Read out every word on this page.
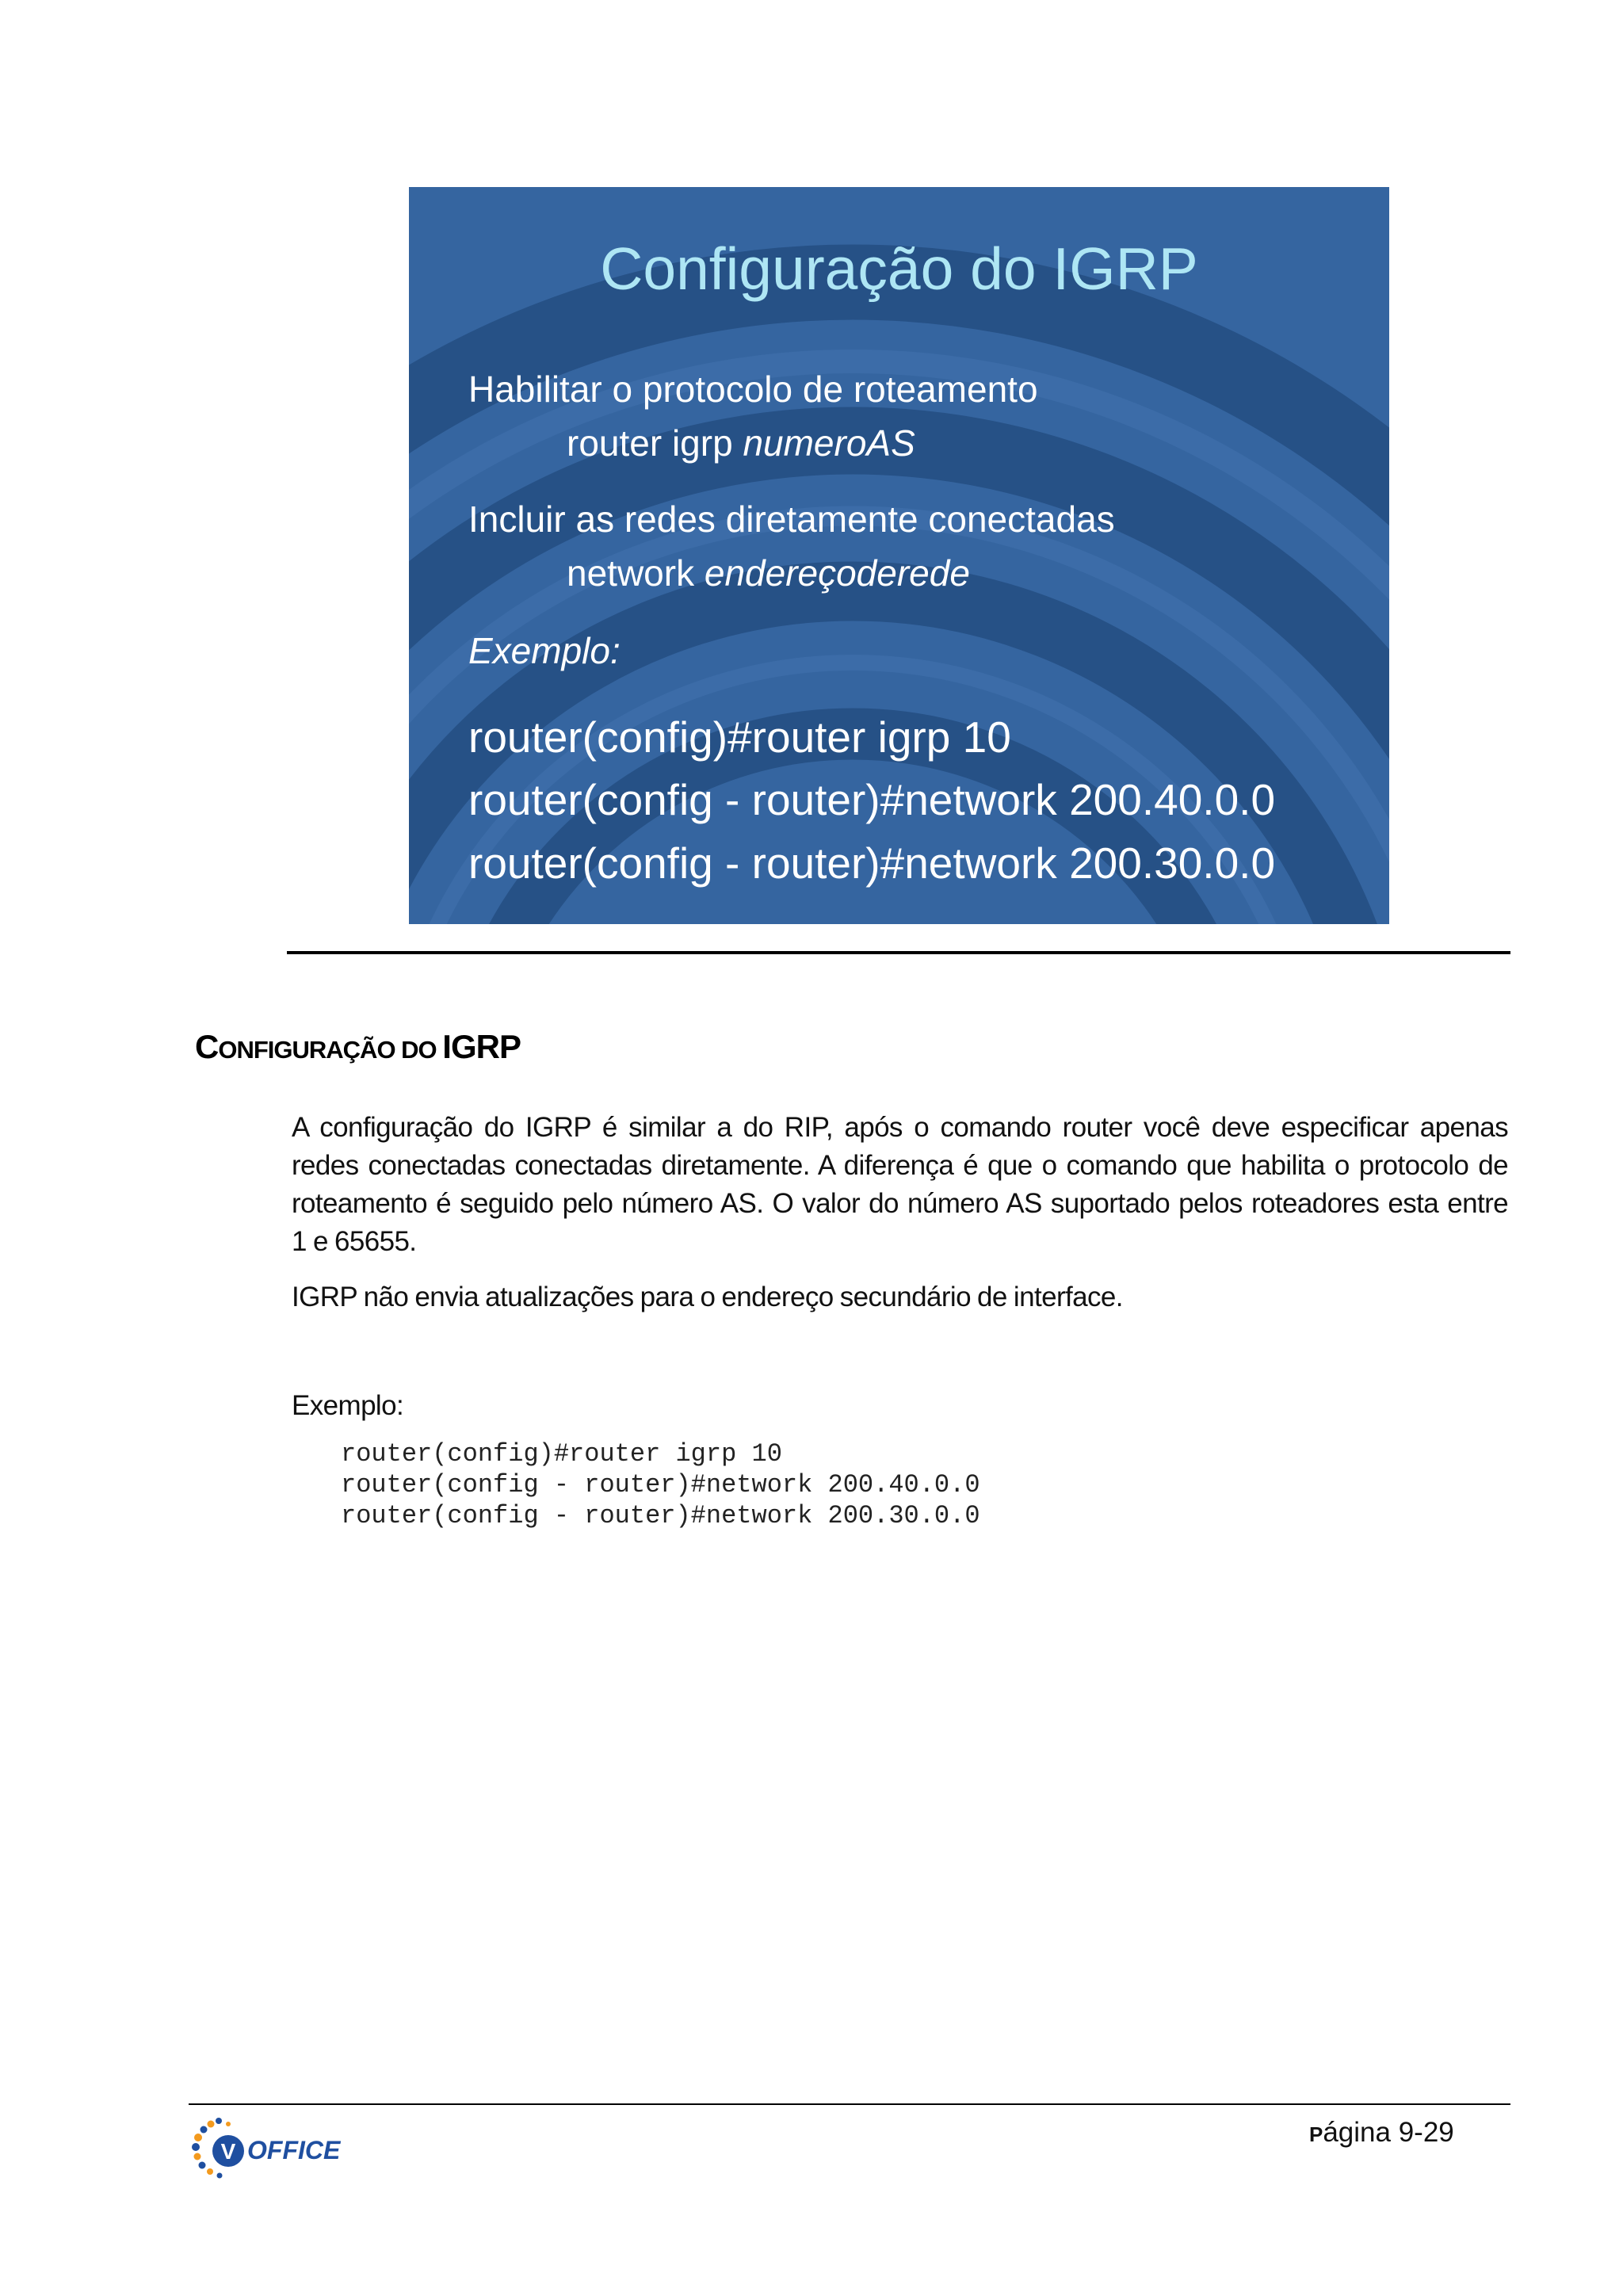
Configuração do IGRP
Habilitar o protocolo de roteamento
router igrp numeroAS
Incluir as redes diretamente conectadas
network endereçoderede
Exemplo:
router(config)#router igrp 10
router(config - router)#network 200.40.0.0
router(config - router)#network 200.30.0.0
CONFIGURAÇÃO DO IGRP
A configuração do IGRP é similar a do RIP, após o comando router você deve especificar apenas
redes conectadas conectadas diretamente. A diferença é que o comando que habilita o protocolo de
roteamento é seguido pelo número AS. O valor do número AS suportado pelos roteadores esta entre
1 e 65655.
IGRP não envia atualizações para o endereço secundário de interface.
Exemplo:
router(config)#router igrp 10
router(config - router)#network 200.40.0.0
router(config - router)#network 200.30.0.0
V OFFICE
Página 9-29
